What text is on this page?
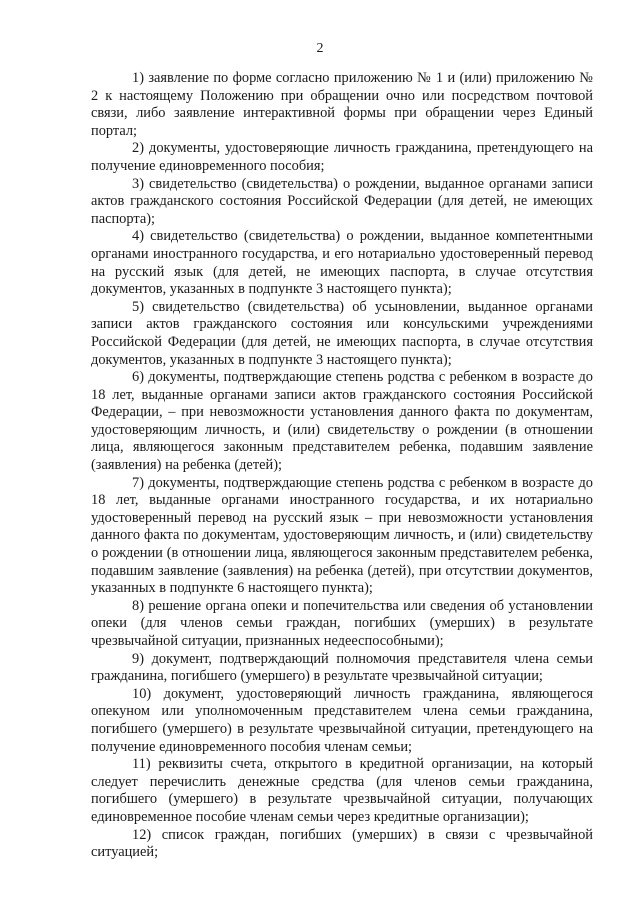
2

1) заявление по форме согласно приложению № 1 и (или) приложению № 2 к настоящему Положению при обращении очно или посредством почтовой связи, либо заявление интерактивной формы при обращении через Единый портал;

2) документы, удостоверяющие личность гражданина, претендующего на получение единовременного пособия;

3) свидетельство (свидетельства) о рождении, выданное органами записи актов гражданского состояния Российской Федерации (для детей, не имеющих паспорта);

4) свидетельство (свидетельства) о рождении, выданное компетентными органами иностранного государства, и его нотариально удостоверенный перевод на русский язык (для детей, не имеющих паспорта, в случае отсутствия документов, указанных в подпункте 3 настоящего пункта);

5) свидетельство (свидетельства) об усыновлении, выданное органами записи актов гражданского состояния или консульскими учреждениями Российской Федерации (для детей, не имеющих паспорта, в случае отсутствия документов, указанных в подпункте 3 настоящего пункта);

6) документы, подтверждающие степень родства с ребенком в возрасте до 18 лет, выданные органами записи актов гражданского состояния Российской Федерации, – при невозможности установления данного факта по документам, удостоверяющим личность, и (или) свидетельству о рождении (в отношении лица, являющегося законным представителем ребенка, подавшим заявление (заявления) на ребенка (детей);

7) документы, подтверждающие степень родства с ребенком в возрасте до 18 лет, выданные органами иностранного государства, и их нотариально удостоверенный перевод на русский язык – при невозможности установления данного факта по документам, удостоверяющим личность, и (или) свидетельству о рождении (в отношении лица, являющегося законным представителем ребенка, подавшим заявление (заявления) на ребенка (детей), при отсутствии документов, указанных в подпункте 6 настоящего пункта);

8) решение органа опеки и попечительства или сведения об установлении опеки (для членов семьи граждан, погибших (умерших) в результате чрезвычайной ситуации, признанных недееспособными);

9) документ, подтверждающий полномочия представителя члена семьи гражданина, погибшего (умершего) в результате чрезвычайной ситуации;

10) документ, удостоверяющий личность гражданина, являющегося опекуном или уполномоченным представителем члена семьи гражданина, погибшего (умершего) в результате чрезвычайной ситуации, претендующего на получение единовременного пособия членам семьи;

11) реквизиты счета, открытого в кредитной организации, на который следует перечислить денежные средства (для членов семьи гражданина, погибшего (умершего) в результате чрезвычайной ситуации, получающих единовременное пособие членам семьи через кредитные организации);

12) список граждан, погибших (умерших) в связи с чрезвычайной ситуацией;
